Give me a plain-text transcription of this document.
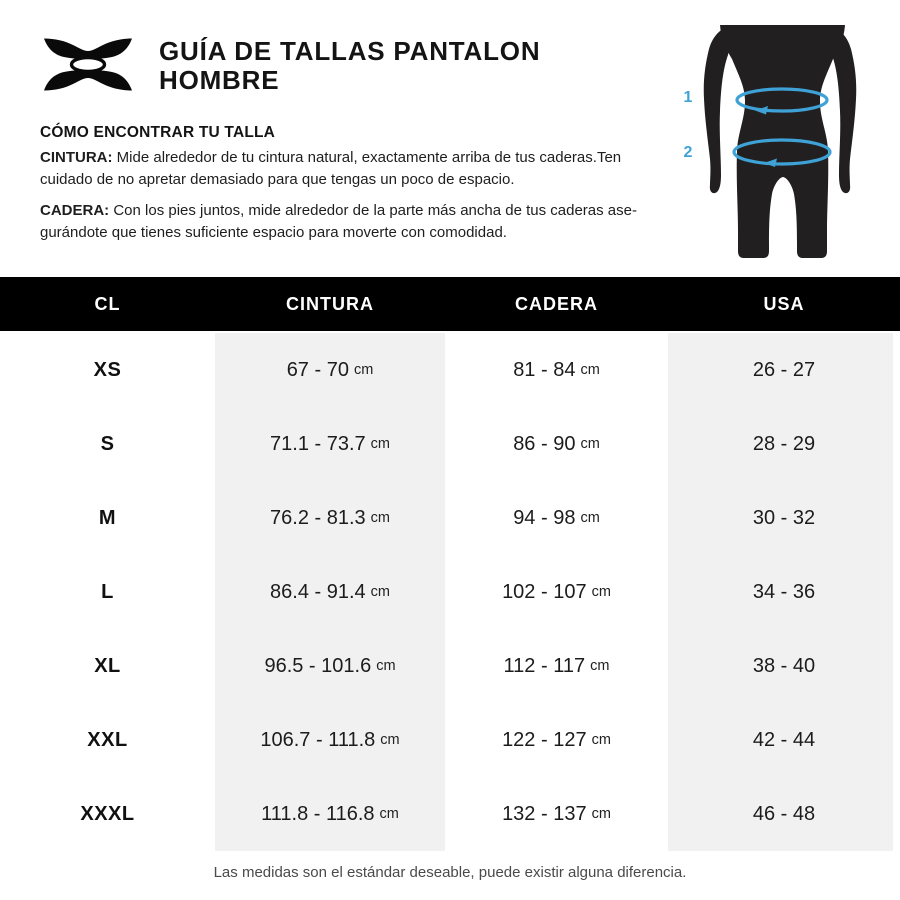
GUÍA DE TALLAS PANTALON
HOMBRE
1
2
CÓMO ENCONTRAR TU TALLA
CINTURA: Mide alrededor de tu cintura natural, exactamente arriba de tus caderas.Ten
cuidado de no apretar demasiado para que tengas un poco de espacio.
CADERA: Con los pies juntos, mide alrededor de la parte más ancha de tus caderas ase-
gurándote que tienes suficiente espacio para moverte con comodidad.
CL	CINTURA	CADERA	USA
XS	67 - 70 cm	81 - 84 cm	26 - 27
S	71.1 - 73.7 cm	86 - 90 cm	28 - 29
M	76.2 - 81.3 cm	94 - 98 cm	30 - 32
L	86.4 - 91.4 cm	102 - 107 cm	34 - 36
XL	96.5 - 101.6 cm	112 - 117 cm	38 - 40
XXL	106.7 - 111.8 cm	122 - 127 cm	42 - 44
XXXL	111.8 - 116.8 cm	132 - 137 cm	46 - 48
Las medidas son el estándar deseable, puede existir alguna diferencia.
